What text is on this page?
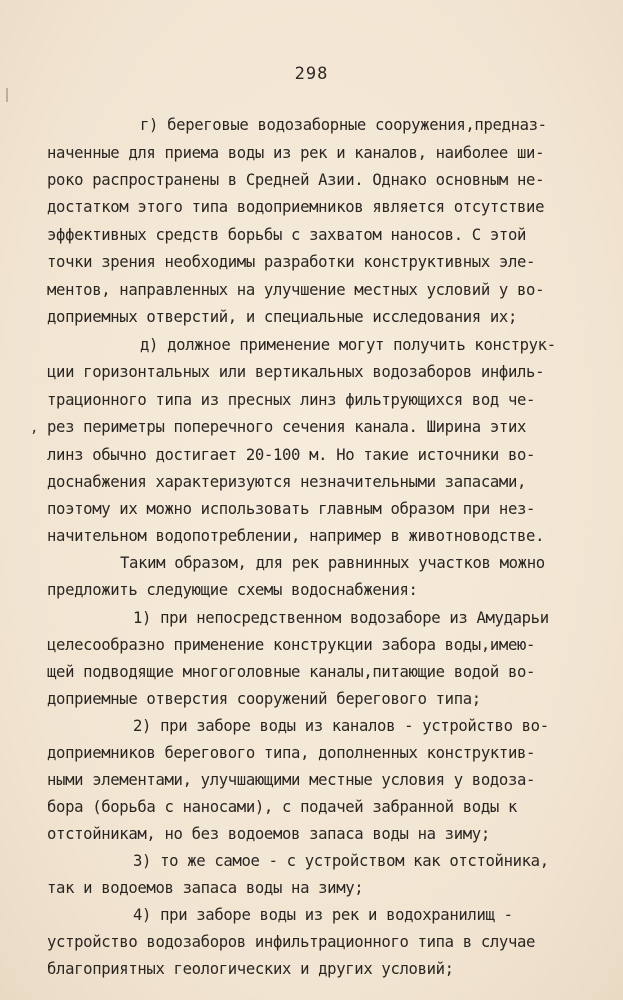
298
г) береговые водозаборные сооружения,предназ-
наченные для приема воды из рек и каналов, наиболее ши-
роко распространены в Средней Азии. Однако основным не-
достатком этого типа водоприемников является отсутствие
эффективных средств борьбы с захватом наносов. С этой
точки зрения необходимы разработки конструктивных эле-
ментов, направленных на улучшение местных условий у во-
доприемных отверстий, и специальные исследования их;
д) должное применение могут получить конструк-
ции горизонтальных или вертикальных водозаборов инфиль-
трационного типа из пресных линз фильтрующихся вод че-
, рез периметры поперечного сечения канала. Ширина этих
линз обычно достигает 20-100 м. Но такие источники во-
доснабжения характеризуются незначительными запасами,
поэтому их можно использовать главным образом при нез-
начительном водопотреблении, например в животноводстве.
Таким образом, для рек равнинных участков можно
предложить следующие схемы водоснабжения:
1) при непосредственном водозаборе из Амударьи
целесообразно применение конструкции забора воды,имею-
щей подводящие многоголовные каналы,питающие водой во-
доприемные отверстия сооружений берегового типа;
2) при заборе воды из каналов - устройство во-
доприемников берегового типа, дополненных конструктив-
ными элементами, улучшающими местные условия у водоза-
бора (борьба с наносами), с подачей забранной воды к
отстойникам, но без водоемов запаса воды на зиму;
3) то же самое - с устройством как отстойника,
так и водоемов запаса воды на зиму;
4) при заборе воды из рек и водохранилищ -
устройство водозаборов инфильтрационного типа в случае
благоприятных геологических и других условий;
